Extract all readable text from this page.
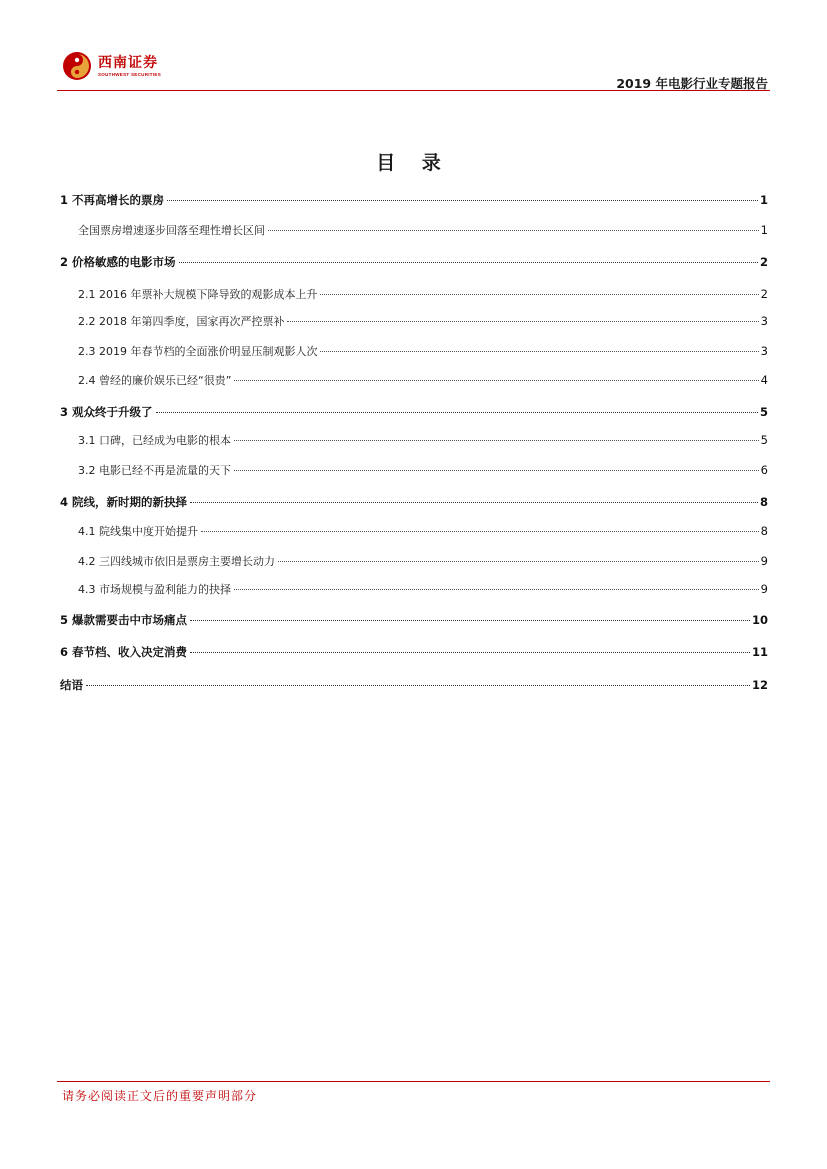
西南证券
SOUTHWEST SECURITIES
2019 年电影行业专题报告
目 录
1 不再高增长的票房	1
全国票房增速逐步回落至理性增长区间	1
2 价格敏感的电影市场	2
2.1 2016 年票补大规模下降导致的观影成本上升	2
2.2 2018 年第四季度，国家再次严控票补	3
2.3 2019 年春节档的全面涨价明显压制观影人次	3
2.4 曾经的廉价娱乐已经“很贵”	4
3 观众终于升级了	5
3.1 口碑，已经成为电影的根本	5
3.2 电影已经不再是流量的天下	6
4 院线，新时期的新抉择	8
4.1 院线集中度开始提升	8
4.2 三四线城市依旧是票房主要增长动力	9
4.3 市场规模与盈利能力的抉择	9
5 爆款需要击中市场痛点	10
6 春节档、收入决定消费	11
结语	12
请务必阅读正文后的重要声明部分
